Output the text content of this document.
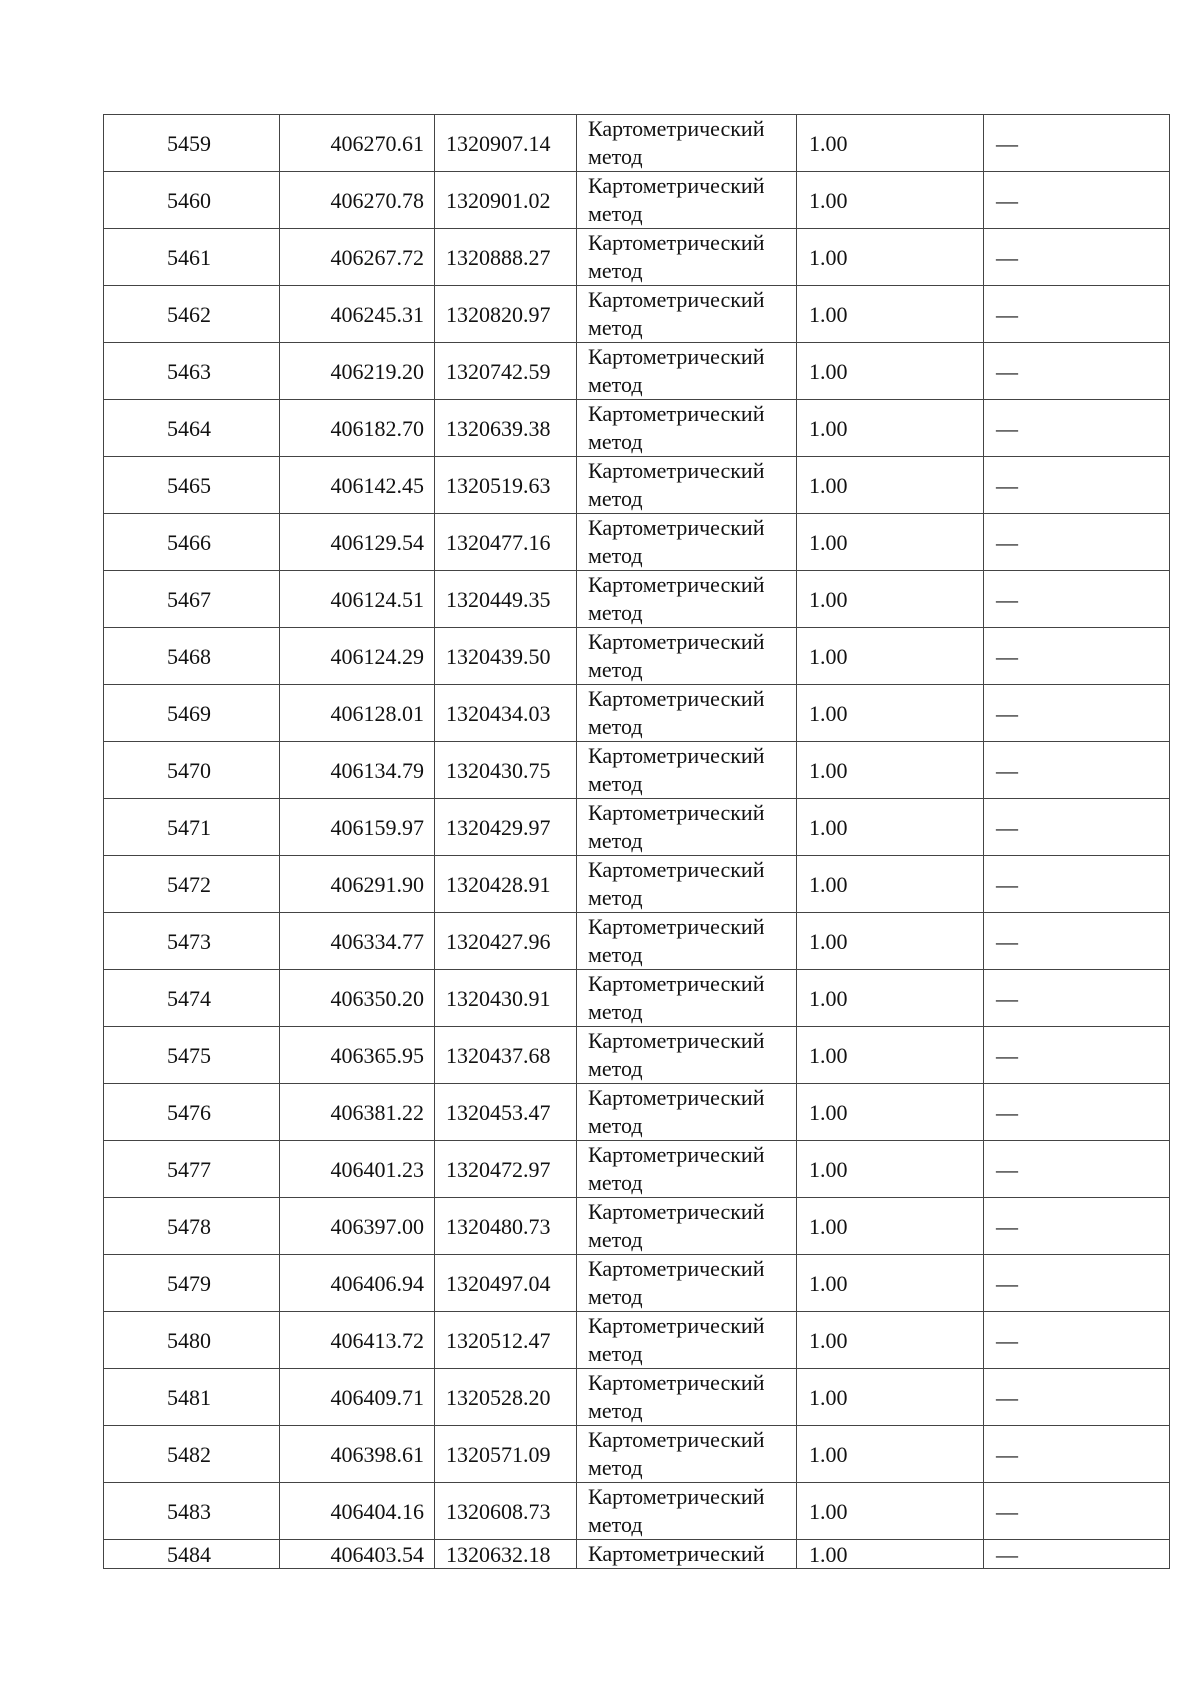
5459	406270.61	1320907.14	Картометрический метод	1.00	—
5460	406270.78	1320901.02	Картометрический метод	1.00	—
5461	406267.72	1320888.27	Картометрический метод	1.00	—
5462	406245.31	1320820.97	Картометрический метод	1.00	—
5463	406219.20	1320742.59	Картометрический метод	1.00	—
5464	406182.70	1320639.38	Картометрический метод	1.00	—
5465	406142.45	1320519.63	Картометрический метод	1.00	—
5466	406129.54	1320477.16	Картометрический метод	1.00	—
5467	406124.51	1320449.35	Картометрический метод	1.00	—
5468	406124.29	1320439.50	Картометрический метод	1.00	—
5469	406128.01	1320434.03	Картометрический метод	1.00	—
5470	406134.79	1320430.75	Картометрический метод	1.00	—
5471	406159.97	1320429.97	Картометрический метод	1.00	—
5472	406291.90	1320428.91	Картометрический метод	1.00	—
5473	406334.77	1320427.96	Картометрический метод	1.00	—
5474	406350.20	1320430.91	Картометрический метод	1.00	—
5475	406365.95	1320437.68	Картометрический метод	1.00	—
5476	406381.22	1320453.47	Картометрический метод	1.00	—
5477	406401.23	1320472.97	Картометрический метод	1.00	—
5478	406397.00	1320480.73	Картометрический метод	1.00	—
5479	406406.94	1320497.04	Картометрический метод	1.00	—
5480	406413.72	1320512.47	Картометрический метод	1.00	—
5481	406409.71	1320528.20	Картометрический метод	1.00	—
5482	406398.61	1320571.09	Картометрический метод	1.00	—
5483	406404.16	1320608.73	Картометрический метод	1.00	—
5484	406403.54	1320632.18	Картометрический	1.00	—
